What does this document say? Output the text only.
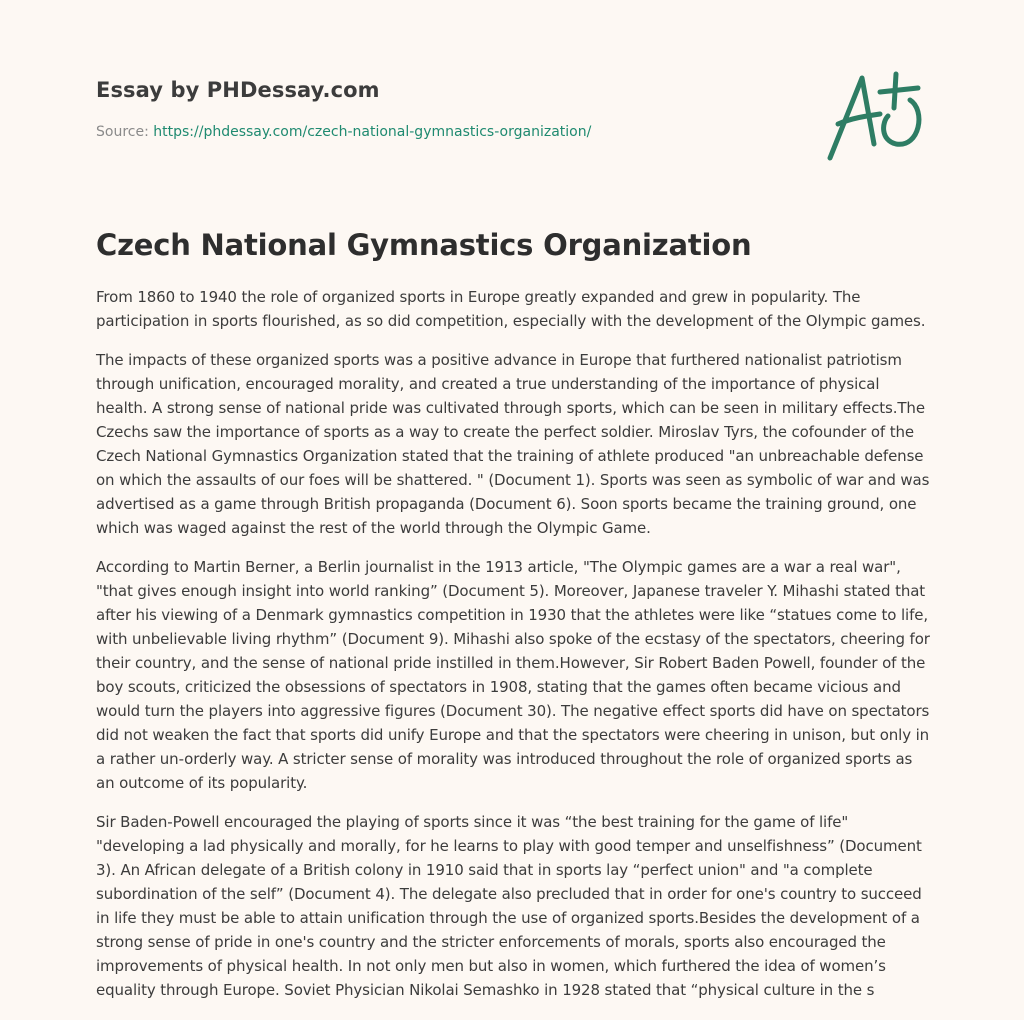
Essay by PHDessay.com
Source: https://phdessay.com/czech-national-gymnastics-organization/
Czech National Gymnastics Organization

From 1860 to 1940 the role of organized sports in Europe greatly expanded and grew in popularity. The participation in sports flourished, as so did competition, especially with the development of the Olympic games.

The impacts of these organized sports was a positive advance in Europe that furthered nationalist patriotism through unification, encouraged morality, and created a true understanding of the importance of physical health. A strong sense of national pride was cultivated through sports, which can be seen in military effects.The Czechs saw the importance of sports as a way to create the perfect soldier. Miroslav Tyrs, the cofounder of the Czech National Gymnastics Organization stated that the training of athlete produced "an unbreachable defense on which the assaults of our foes will be shattered. " (Document 1). Sports was seen as symbolic of war and was advertised as a game through British propaganda (Document 6). Soon sports became the training ground, one which was waged against the rest of the world through the Olympic Game.

According to Martin Berner, a Berlin journalist in the 1913 article, "The Olympic games are a war a real war", "that gives enough insight into world ranking” (Document 5). Moreover, Japanese traveler Y. Mihashi stated that after his viewing of a Denmark gymnastics competition in 1930 that the athletes were like “statues come to life, with unbelievable living rhythm” (Document 9). Mihashi also spoke of the ecstasy of the spectators, cheering for their country, and the sense of national pride instilled in them.However, Sir Robert Baden Powell, founder of the boy scouts, criticized the obsessions of spectators in 1908, stating that the games often became vicious and would turn the players into aggressive figures (Document 30). The negative effect sports did have on spectators did not weaken the fact that sports did unify Europe and that the spectators were cheering in unison, but only in a rather un-orderly way. A stricter sense of morality was introduced throughout the role of organized sports as an outcome of its popularity.

Sir Baden-Powell encouraged the playing of sports since it was “the best training for the game of life" "developing a lad physically and morally, for he learns to play with good temper and unselfishness” (Document 3). An African delegate of a British colony in 1910 said that in sports lay “perfect union" and "a complete subordination of the self” (Document 4). The delegate also precluded that in order for one's country to succeed in life they must be able to attain unification through the use of organized sports.Besides the development of a strong sense of pride in one's country and the stricter enforcements of morals, sports also encouraged the improvements of physical health. In not only men but also in women, which furthered the idea of women’s equality through Europe. Soviet Physician Nikolai Semashko in 1928 stated that “physical culture in the s
